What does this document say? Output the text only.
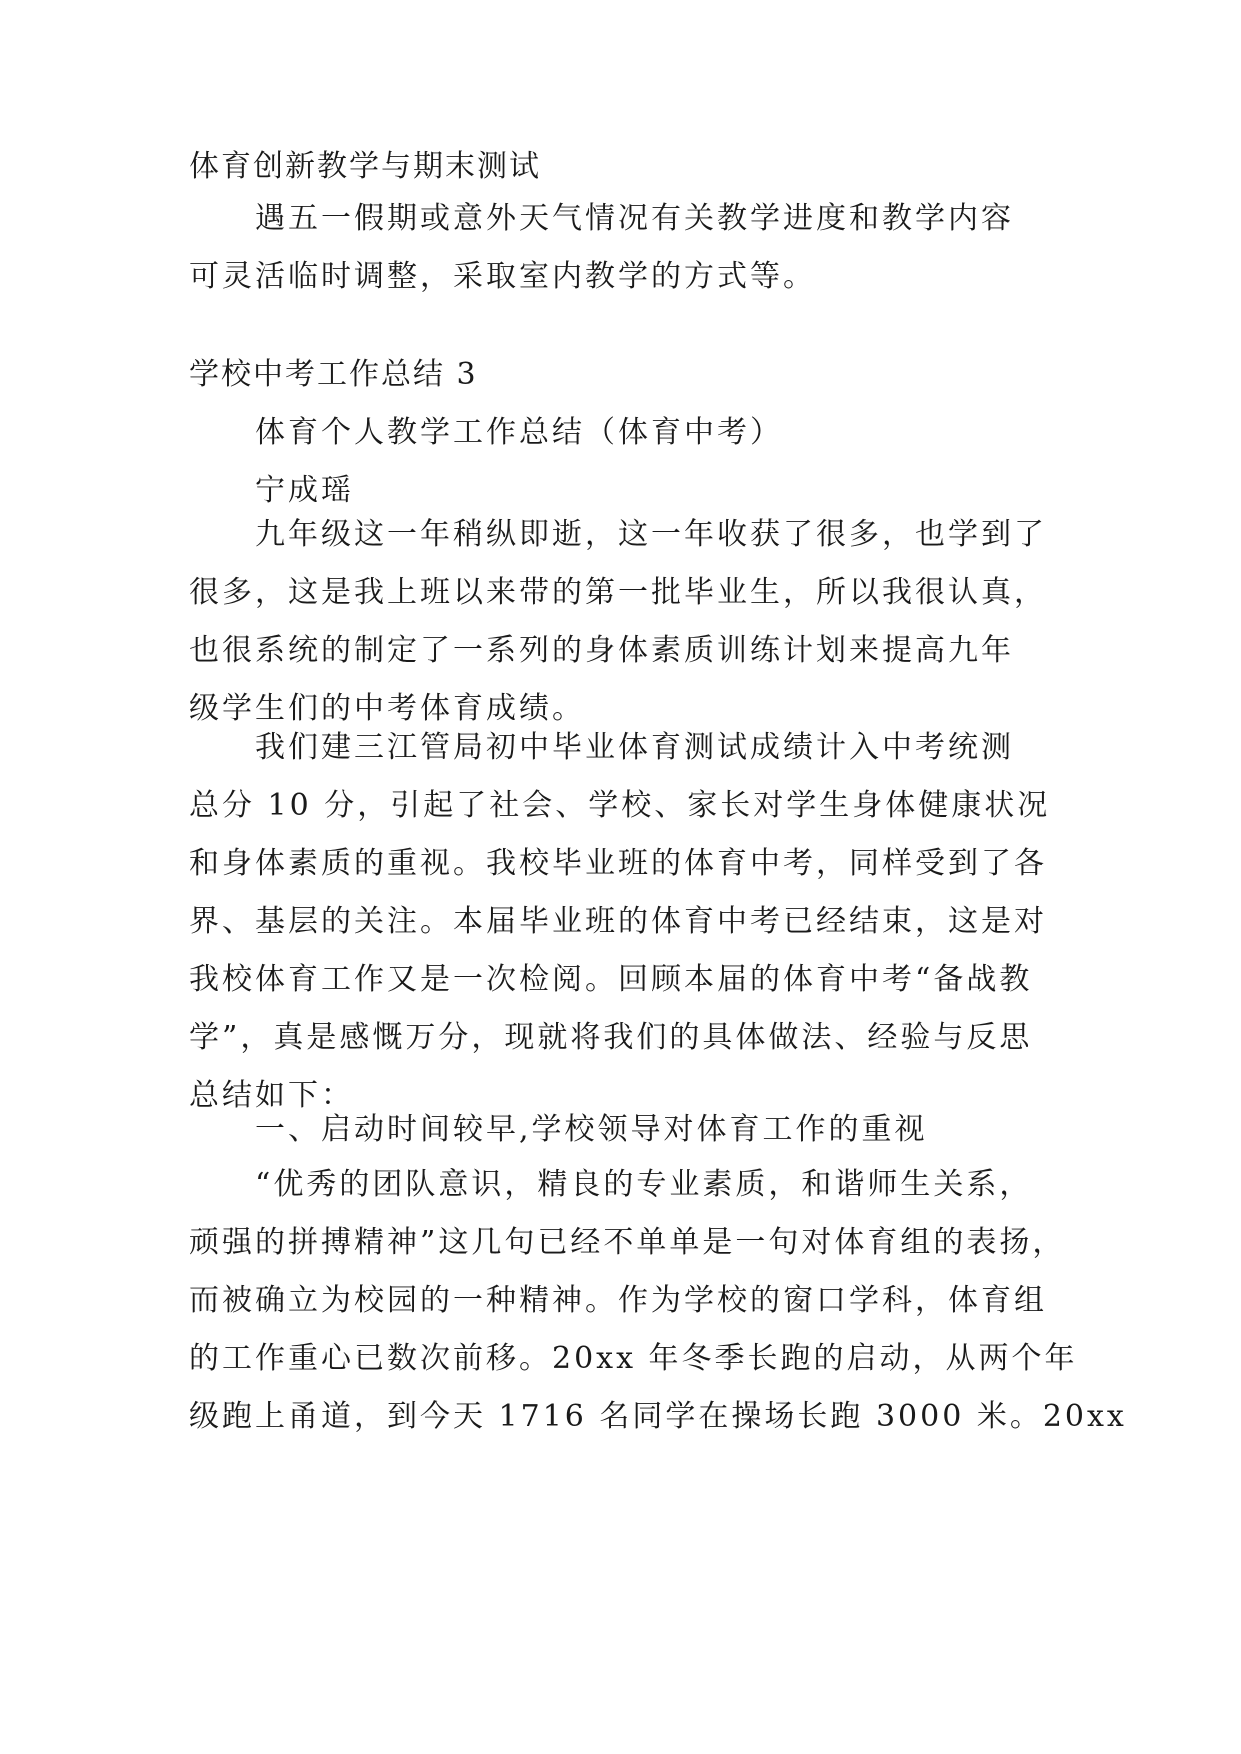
体育创新教学与期末测试
遇五一假期或意外天气情况有关教学进度和教学内容
可灵活临时调整，采取室内教学的方式等。
学校中考工作总结 3
体育个人教学工作总结（体育中考）
宁成瑶
九年级这一年稍纵即逝，这一年收获了很多，也学到了
很多，这是我上班以来带的第一批毕业生，所以我很认真，
也很系统的制定了一系列的身体素质训练计划来提高九年
级学生们的中考体育成绩。
我们建三江管局初中毕业体育测试成绩计入中考统测
总分 10 分，引起了社会、学校、家长对学生身体健康状况
和身体素质的重视。我校毕业班的体育中考，同样受到了各
界、基层的关注。本届毕业班的体育中考已经结束，这是对
我校体育工作又是一次检阅。回顾本届的体育中考“备战教
学”，真是感慨万分，现就将我们的具体做法、经验与反思
总结如下：
一、启动时间较早,学校领导对体育工作的重视
“优秀的团队意识，精良的专业素质，和谐师生关系，
顽强的拼搏精神”这几句已经不单单是一句对体育组的表扬，
而被确立为校园的一种精神。作为学校的窗口学科，体育组
的工作重心已数次前移。20xx 年冬季长跑的启动，从两个年
级跑上甬道，到今天 1716 名同学在操场长跑 3000 米。20xx
